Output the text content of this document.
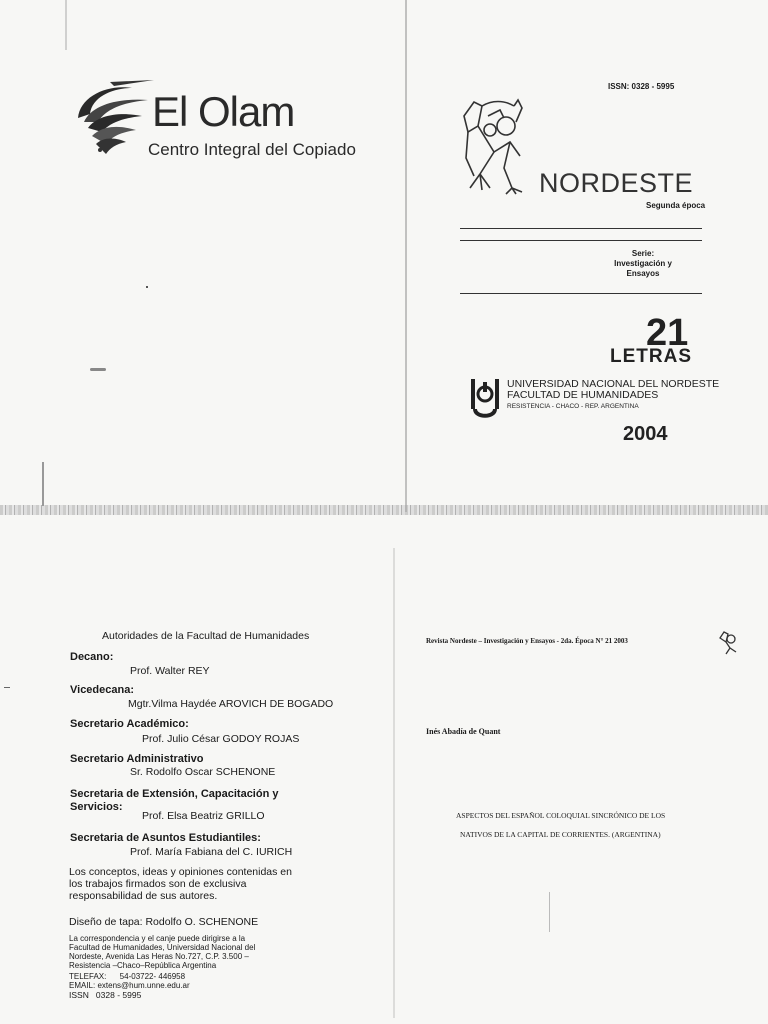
El Olam
Centro Integral del Copiado
ISSN: 0328 - 5995
NORDESTE
Segunda época
Serie:
Investigación y Ensayos
21
LETRAS
UNIVERSIDAD NACIONAL DEL NORDESTE
FACULTAD DE HUMANIDADES
RESISTENCIA - CHACO - REP. ARGENTINA
2004
Autoridades de la Facultad de Humanidades
Decano:
Prof. Walter REY
Vicedecana:
Mgtr.Vilma Haydée AROVICH DE BOGADO
Secretario Académico:
Prof. Julio César GODOY ROJAS
Secretario Administrativo
Sr. Rodolfo Oscar SCHENONE
Secretaria de Extensión, Capacitación y Servicios:
Prof. Elsa Beatriz GRILLO
Secretaria de Asuntos Estudiantiles:
Prof. María Fabiana del C. IURICH
Los conceptos, ideas y opiniones contenidas en los trabajos firmados son de exclusiva responsabilidad de sus autores.
Diseño de tapa: Rodolfo O. SCHENONE
La correspondencia y el canje puede dirigirse a la Facultad de Humanidades, Universidad Nacional del Nordeste, Avenida Las Heras No.727, C.P. 3.500 – Resistencia –Chaco–República Argentina
TELEFAX:      54-03722- 446958
EMAIL: extens@hum.unne.edu.ar
ISSN   0328 - 5995
Revista Nordeste – Investigación y Ensayos - 2da. Época N° 21 2003
Inés Abadía de Quant
ASPECTOS DEL ESPAÑOL COLOQUIAL SINCRÓNICO DE LOS
NATIVOS DE LA CAPITAL DE CORRIENTES. (ARGENTINA)
